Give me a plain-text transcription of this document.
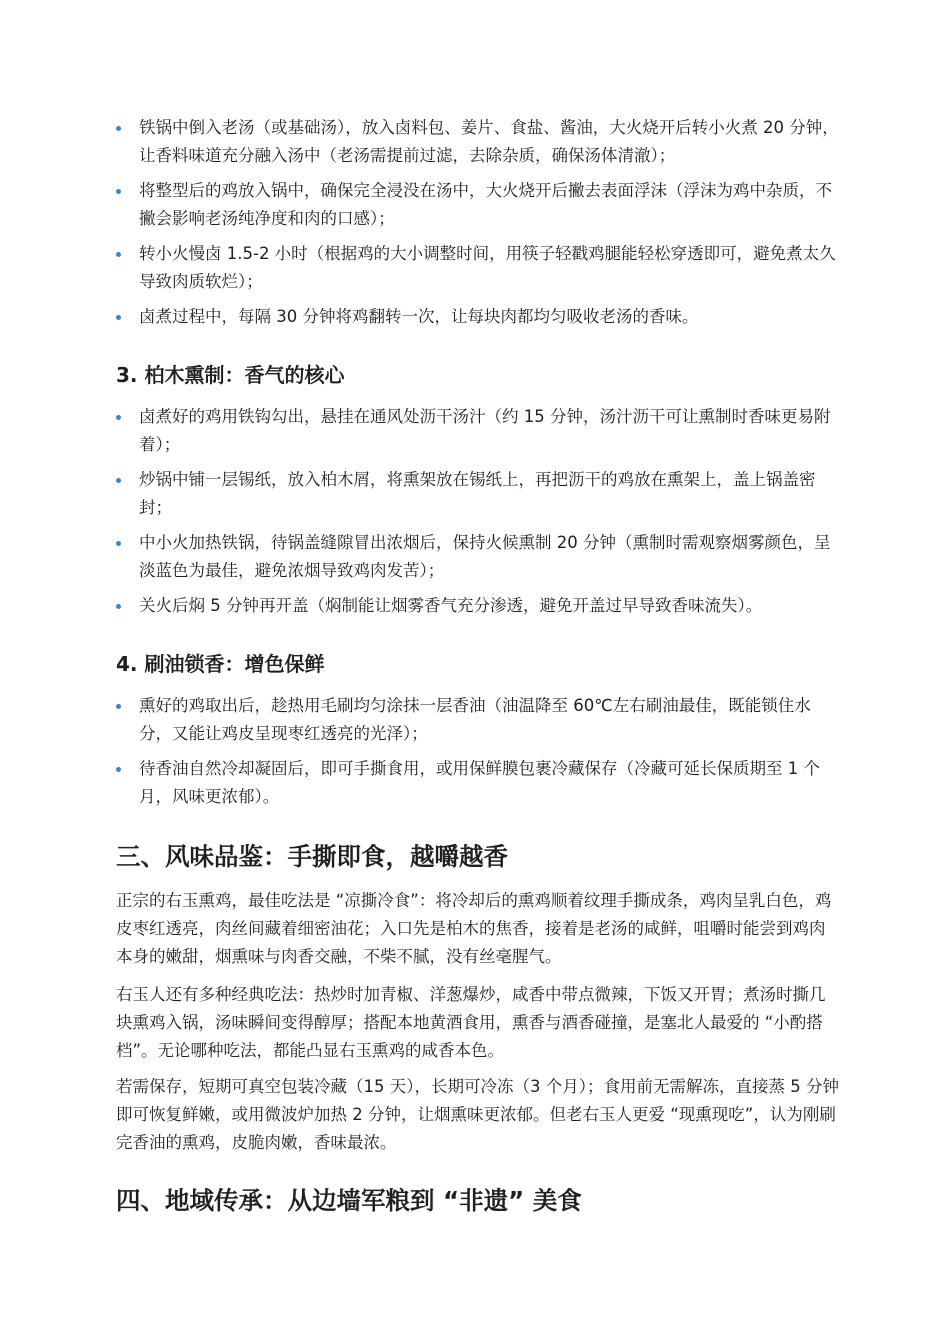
铁锅中倒入老汤（或基础汤），放入卤料包、姜片、食盐、酱油，大火烧开后转小火煮 20 分钟，让香料味道充分融入汤中（老汤需提前过滤，去除杂质，确保汤体清澈）；
将整型后的鸡放入锅中，确保完全浸没在汤中，大火烧开后撇去表面浮沫（浮沫为鸡中杂质，不撇会影响老汤纯净度和肉的口感）；
转小火慢卤 1.5-2 小时（根据鸡的大小调整时间，用筷子轻戳鸡腿能轻松穿透即可，避免煮太久导致肉质软烂）；
卤煮过程中，每隔 30 分钟将鸡翻转一次，让每块肉都均匀吸收老汤的香味。
3. 柏木熏制：香气的核心
卤煮好的鸡用铁钩勾出，悬挂在通风处沥干汤汁（约 15 分钟，汤汁沥干可让熏制时香味更易附着）；
炒锅中铺一层锡纸，放入柏木屑，将熏架放在锡纸上，再把沥干的鸡放在熏架上，盖上锅盖密封；
中小火加热铁锅，待锅盖缝隙冒出浓烟后，保持火候熏制 20 分钟（熏制时需观察烟雾颜色，呈淡蓝色为最佳，避免浓烟导致鸡肉发苦）；
关火后焖 5 分钟再开盖（焖制能让烟雾香气充分渗透，避免开盖过早导致香味流失）。
4. 刷油锁香：增色保鲜
熏好的鸡取出后，趁热用毛刷均匀涂抹一层香油（油温降至 60℃左右刷油最佳，既能锁住水分，又能让鸡皮呈现枣红透亮的光泽）；
待香油自然冷却凝固后，即可手撕食用，或用保鲜膜包裹冷藏保存（冷藏可延长保质期至 1 个月，风味更浓郁）。
三、风味品鉴：手撕即食，越嚼越香

正宗的右玉熏鸡，最佳吃法是 “凉撕冷食”：将冷却后的熏鸡顺着纹理手撕成条，鸡肉呈乳白色，鸡皮枣红透亮，肉丝间藏着细密油花；入口先是柏木的焦香，接着是老汤的咸鲜，咀嚼时能尝到鸡肉本身的嫩甜，烟熏味与肉香交融，不柴不腻，没有丝毫腥气。

右玉人还有多种经典吃法：热炒时加青椒、洋葱爆炒，咸香中带点微辣，下饭又开胃；煮汤时撕几块熏鸡入锅，汤味瞬间变得醇厚；搭配本地黄酒食用，熏香与酒香碰撞，是塞北人最爱的 “小酌搭档”。无论哪种吃法，都能凸显右玉熏鸡的咸香本色。

若需保存，短期可真空包装冷藏（15 天），长期可冷冻（3 个月）；食用前无需解冻，直接蒸 5 分钟即可恢复鲜嫩，或用微波炉加热 2 分钟，让烟熏味更浓郁。但老右玉人更爱 “现熏现吃”，认为刚刷完香油的熏鸡，皮脆肉嫩，香味最浓。

四、地域传承：从边墙军粮到 “非遗” 美食
